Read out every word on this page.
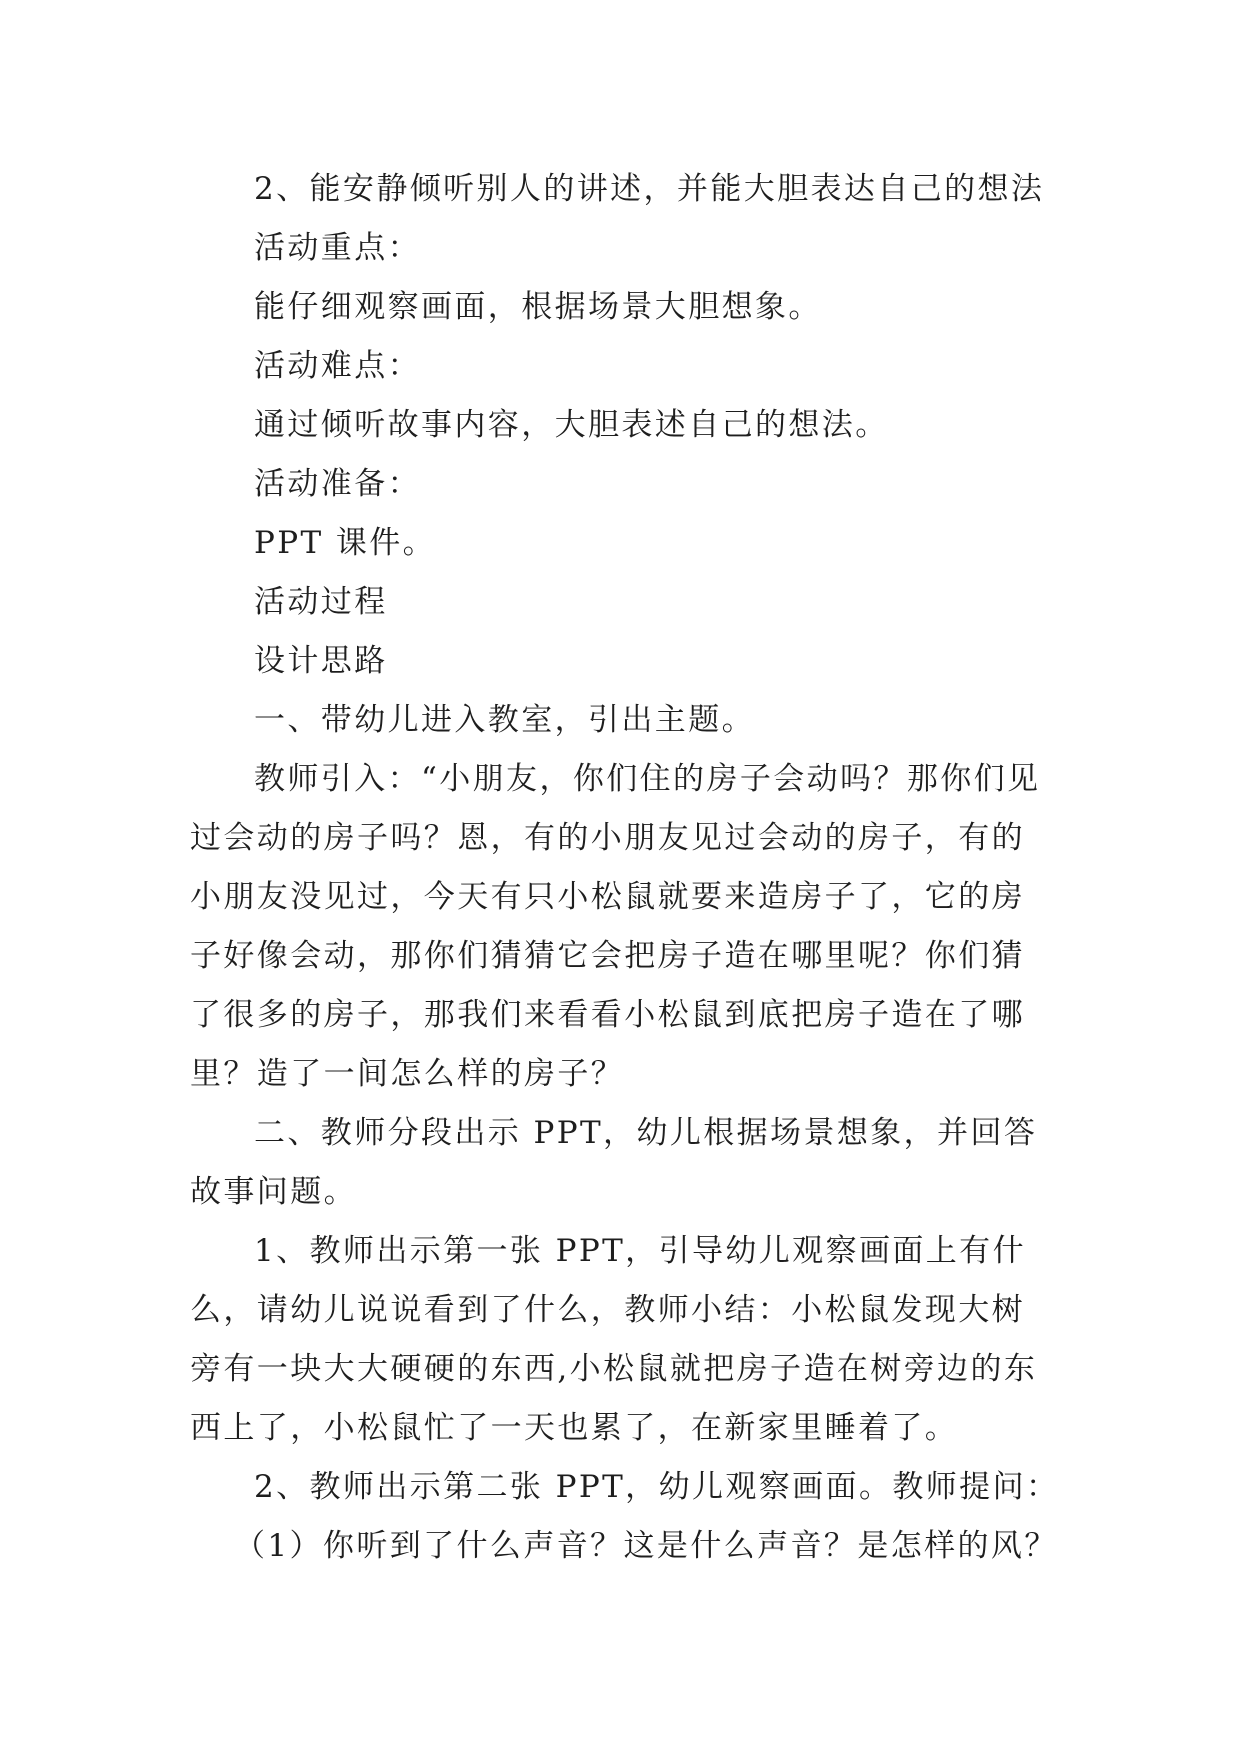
2、能安静倾听别人的讲述，并能大胆表达自己的想法

活动重点：

能仔细观察画面，根据场景大胆想象。

活动难点：

通过倾听故事内容，大胆表述自己的想法。

活动准备：

PPT 课件。

活动过程

设计思路

一、带幼儿进入教室，引出主题。

教师引入：“小朋友，你们住的房子会动吗？那你们见过会动的房子吗？恩，有的小朋友见过会动的房子，有的小朋友没见过，今天有只小松鼠就要来造房子了，它的房子好像会动，那你们猜猜它会把房子造在哪里呢？你们猜了很多的房子，那我们来看看小松鼠到底把房子造在了哪里？造了一间怎么样的房子？

二、教师分段出示 PPT，幼儿根据场景想象，并回答故事问题。

1、教师出示第一张 PPT，引导幼儿观察画面上有什么，请幼儿说说看到了什么，教师小结：小松鼠发现大树旁有一块大大硬硬的东西,小松鼠就把房子造在树旁边的东西上了，小松鼠忙了一天也累了，在新家里睡着了。

2、教师出示第二张 PPT，幼儿观察画面。教师提问：

（1）你听到了什么声音？这是什么声音？是怎样的风？
